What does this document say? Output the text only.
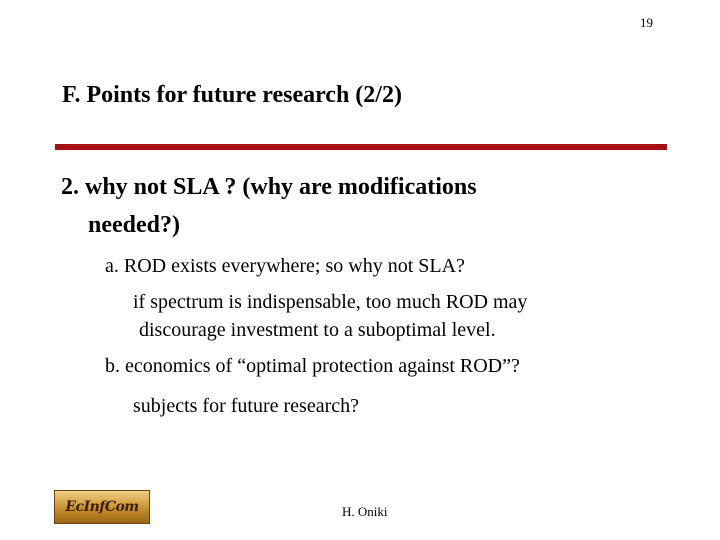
19
F. Points for future research (2/2)
2. why not SLA ? (why are modifications
needed?)
a. ROD exists everywhere; so why not SLA?
if spectrum is indispensable, too much ROD may
discourage investment to a suboptimal level.
b. economics of “optimal protection against ROD”?
subjects for future research?
EcInfCom	H. Oniki
